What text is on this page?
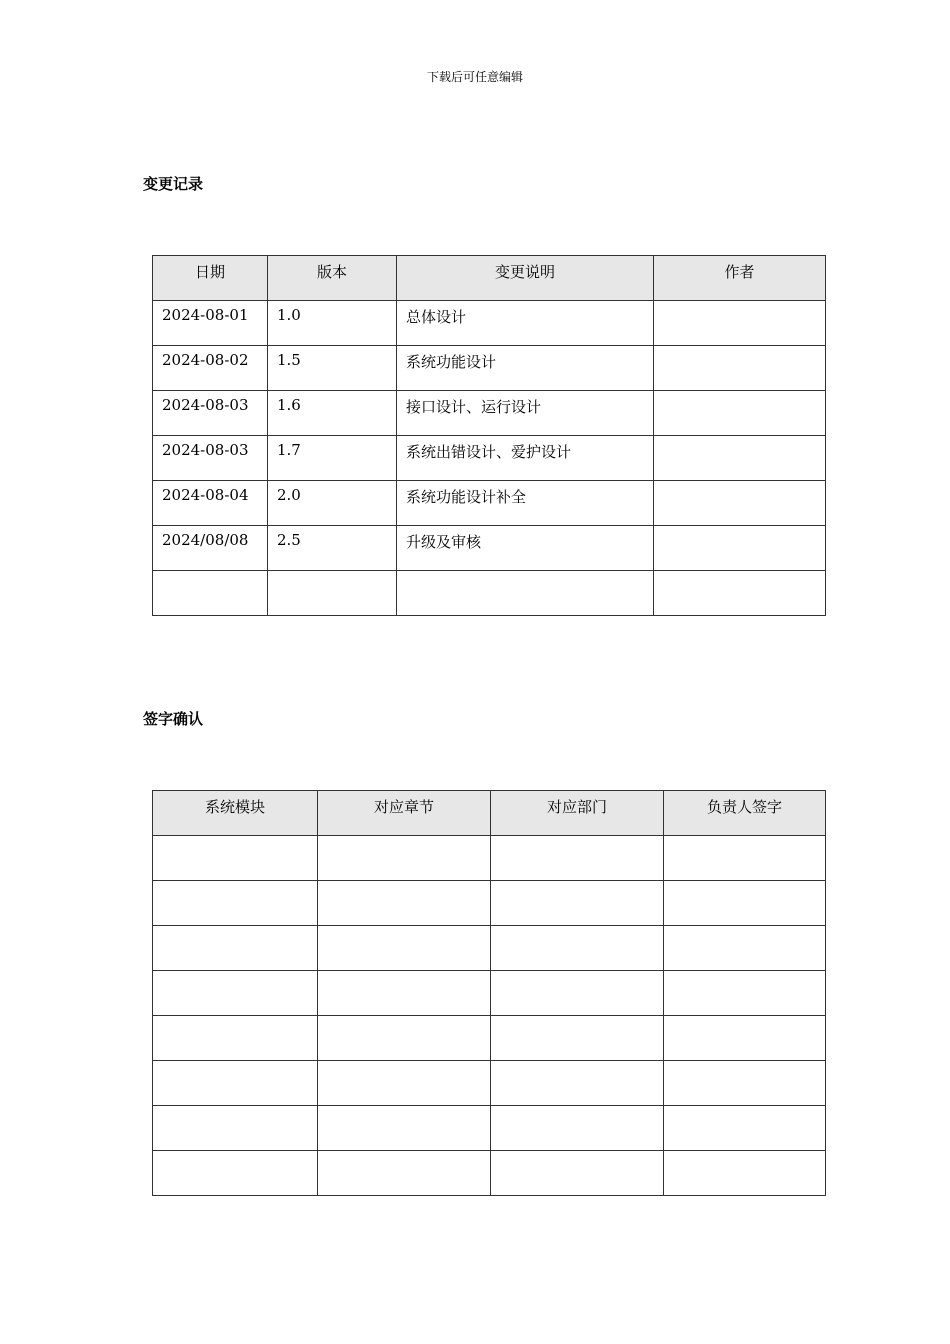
下载后可任意编辑
变更记录
日期	版本	变更说明	作者
2024-08-01	1.0	总体设计	
2024-08-02	1.5	系统功能设计	
2024-08-03	1.6	接口设计、运行设计	
2024-08-03	1.7	系统出错设计、爱护设计	
2024-08-04	2.0	系统功能设计补全	
2024/08/08	2.5	升级及审核	

签字确认
系统模块	对应章节	对应部门	负责人签字
